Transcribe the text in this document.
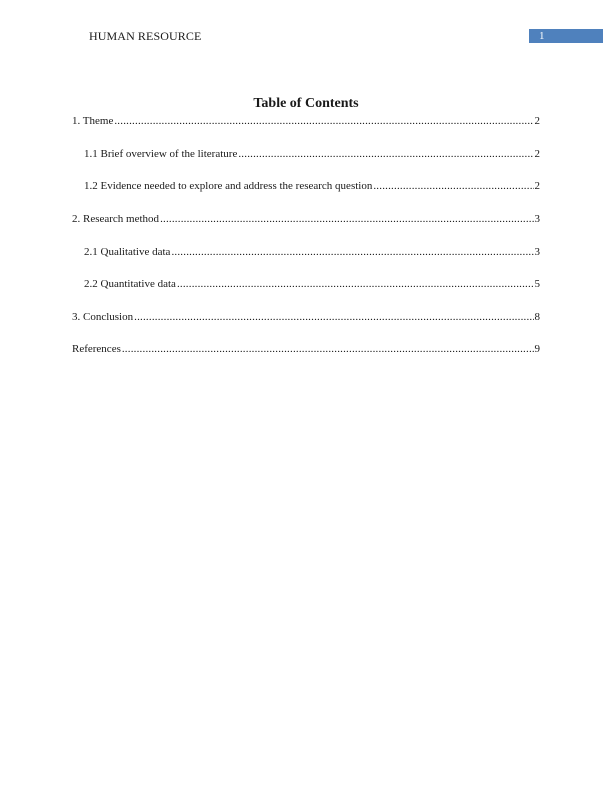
HUMAN RESOURCE	1
Table of Contents
1. Theme .....	2
1.1 Brief overview of the literature .....	2
1.2 Evidence needed to explore and address the research question .....	2
2. Research method .....	3
2.1 Qualitative data .....	3
2.2 Quantitative data .....	5
3. Conclusion .....	8
References .....	9
